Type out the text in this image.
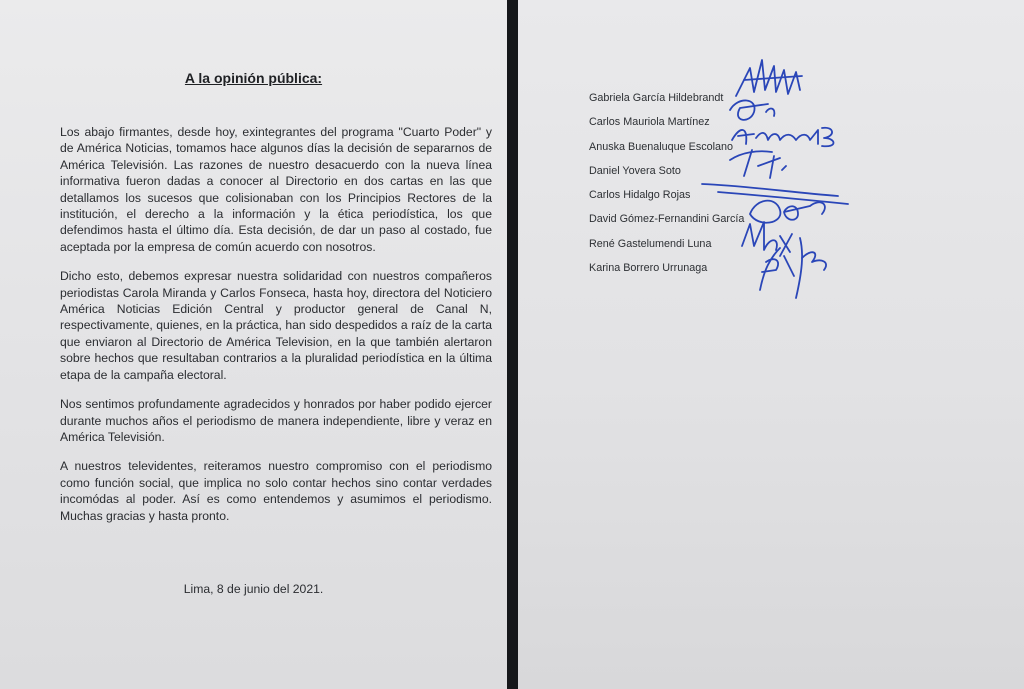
A la opinión pública:

Los abajo firmantes, desde hoy, exintegrantes del programa "Cuarto Poder" y de América Noticias, tomamos hace algunos días la decisión de separarnos de América Televisión. Las razones de nuestro desacuerdo con la nueva línea informativa fueron dadas a conocer al Directorio en dos cartas en las que detallamos los sucesos que colisionaban con los Principios Rectores de la institución, el derecho a la información y la ética periodística, los que defendimos hasta el último día. Esta decisión, de dar un paso al costado, fue aceptada por la empresa de común acuerdo con nosotros.

Dicho esto, debemos expresar nuestra solidaridad con nuestros compañeros periodistas Carola Miranda y Carlos Fonseca, hasta hoy, directora del Noticiero América Noticias Edición Central y productor general de Canal N, respectivamente, quienes, en la práctica, han sido despedidos a raíz de la carta que enviaron al Directorio de América Television, en la que también alertaron sobre hechos que resultaban contrarios a la pluralidad periodística en la última etapa de la campaña electoral.

Nos sentimos profundamente agradecidos y honrados por haber podido ejercer durante muchos años el periodismo de manera independiente, libre y veraz en América Televisión.

A nuestros televidentes, reiteramos nuestro compromiso con el periodismo como función social, que implica no solo contar hechos sino contar verdades incomódas al poder. Así es como entendemos y asumimos el periodismo. Muchas gracias y hasta pronto.

Lima, 8 de junio del 2021.
Gabriela García Hildebrandt
Carlos Mauriola Martínez
Anuska Buenaluque Escolano
Daniel Yovera Soto
Carlos Hidalgo Rojas
David Gómez-Fernandini García
René Gastelumendi Luna
Karina Borrero Urrunaga
